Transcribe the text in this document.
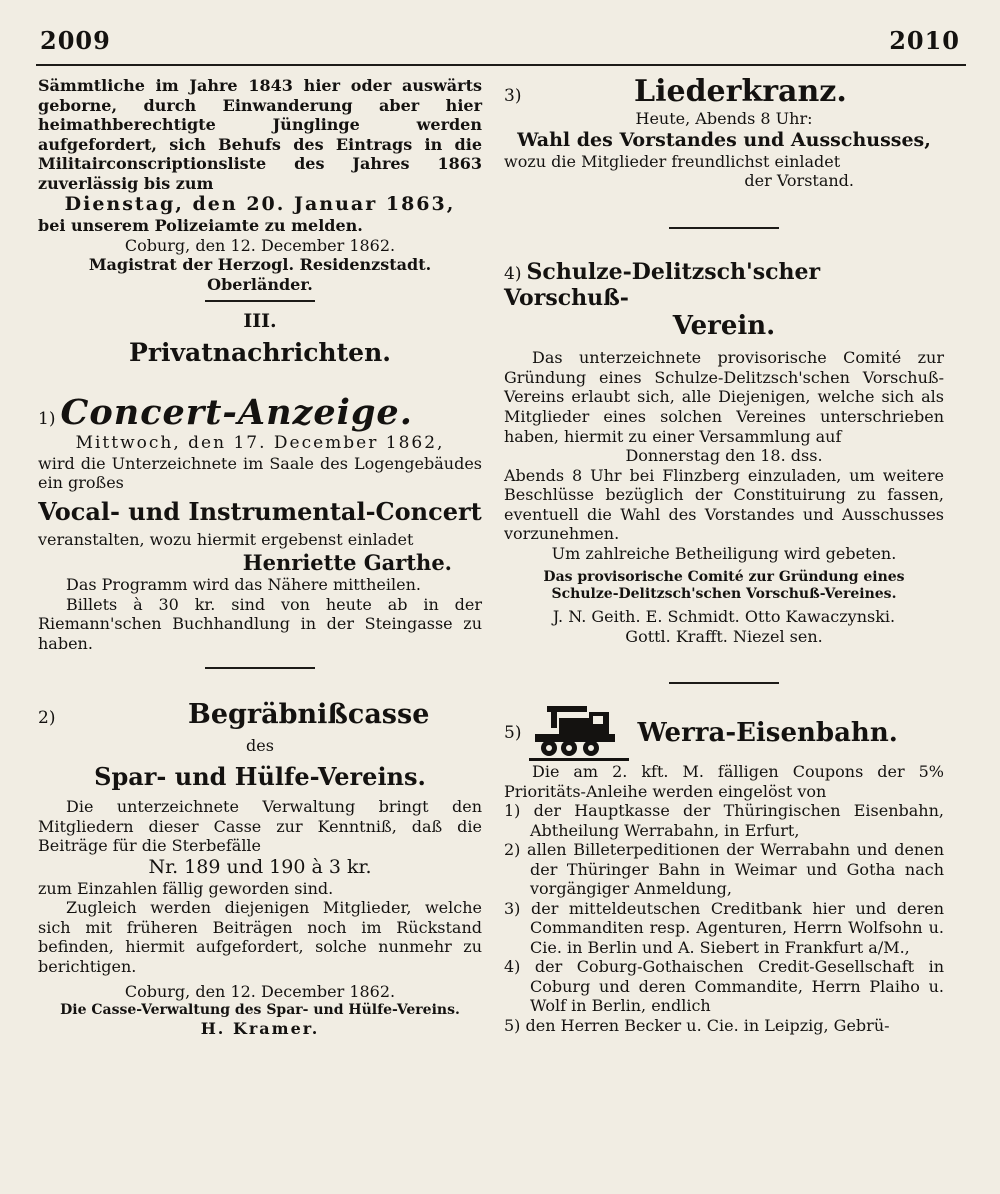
2009	2010

Sämmtliche im Jahre 1843 hier oder auswärts geborne, durch Einwanderung aber hier heimathberechtigte Jünglinge werden aufgefordert, sich Behufs des Eintrags in die Militairconscriptionsliste des Jahres 1863 zuverlässig bis zum

Dienstag, den 20. Januar 1863,

bei unserem Polizeiamte zu melden.

Coburg, den 12. December 1862.

Magistrat der Herzogl. Residenzstadt.

Oberländer.

III.

Privatnachrichten.

1) Concert-Anzeige.

Mittwoch, den 17. December 1862,

wird die Unterzeichnete im Saale des Logengebäudes ein großes

Vocal- und Instrumental-Concert

veranstalten, wozu hiermit ergebenst einladet

Henriette Garthe.

Das Programm wird das Nähere mittheilen.

Billets à 30 kr. sind von heute ab in der Riemann'schen Buchhandlung in der Steingasse zu haben.

2)	Begräbnißcasse

des

Spar- und Hülfe-Vereins.

Die unterzeichnete Verwaltung bringt den Mitgliedern dieser Casse zur Kenntniß, daß die Beiträge für die Sterbefälle

Nr. 189 und 190 à 3 kr.

zum Einzahlen fällig geworden sind.

Zugleich werden diejenigen Mitglieder, welche sich mit früheren Beiträgen noch im Rückstand befinden, hiermit aufgefordert, solche nunmehr zu berichtigen.

Coburg, den 12. December 1862.

Die Casse-Verwaltung des Spar- und Hülfe-Vereins.

H. Kramer.

3)	Liederkranz.

Heute, Abends 8 Uhr:

Wahl des Vorstandes und Ausschusses,

wozu die Mitglieder freundlichst einladet

der Vorstand.

4) Schulze-Delitzsch'scher Vorschuß-

Verein.

Das unterzeichnete provisorische Comité zur Gründung eines Schulze-Delitzsch'schen Vorschuß-Vereins erlaubt sich, alle Diejenigen, welche sich als Mitglieder eines solchen Vereines unterschrieben haben, hiermit zu einer Versammlung auf

Donnerstag den 18. dss.

Abends 8 Uhr bei Flinzberg einzuladen, um weitere Beschlüsse bezüglich der Constituirung zu fassen, eventuell die Wahl des Vorstandes und Ausschusses vorzunehmen.

Um zahlreiche Betheiligung wird gebeten.

Das provisorische Comité zur Gründung eines

Schulze-Delitzsch'schen Vorschuß-Vereines.

J. N. Geith. E. Schmidt. Otto Kawaczynski.

Gottl. Krafft. Niezel sen.

5)	Werra-Eisenbahn.

Die am 2. kft. M. fälligen Coupons der 5% Prioritäts-Anleihe werden eingelöst von

1) der Hauptkasse der Thüringischen Eisenbahn, Abtheilung Werrabahn, in Erfurt,

2) allen Billeterpeditionen der Werrabahn und denen der Thüringer Bahn in Weimar und Gotha nach vorgängiger Anmeldung,

3) der mitteldeutschen Creditbank hier und deren Commanditen resp. Agenturen, Herrn Wolfsohn u. Cie. in Berlin und A. Siebert in Frankfurt a/M.,

4) der Coburg-Gothaischen Credit-Gesellschaft in Coburg und deren Commandite, Herrn Plaiho u. Wolf in Berlin, endlich

5) den Herren Becker u. Cie. in Leipzig, Gebrü-
